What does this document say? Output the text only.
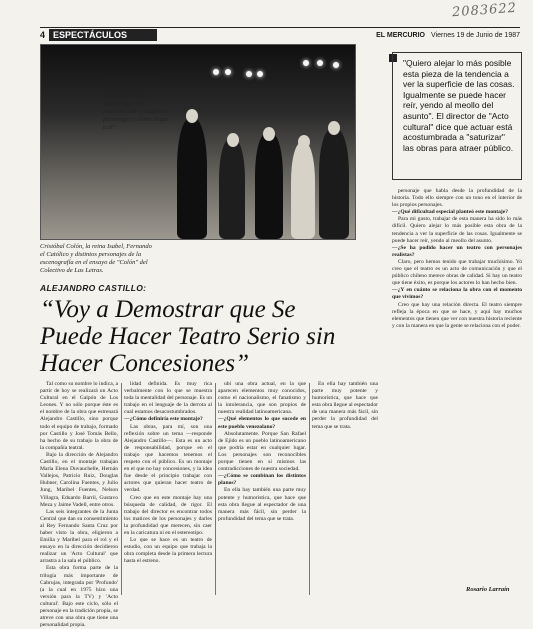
2083622
4 ESPECTÁCULOS	EL MERCURIO Viernes 19 de Junio de 1987
"Lo que se pretende es que ellos se vean a través de distintos espejos que nos muestran los verdaderos personajes y cómo llegar a el".
Cristóbal Colón, la reina Isabel, Fernando el Católico y distintos personajes de la escenografía en el ensayo de "Colón" del Colectivo de Las Letras.
"Quiero alejar lo más posible esta pieza de la tendencia a ver la superficie de las cosas. Igualmente se puede hacer reír, yendo al meollo del asunto". El director de "Acto cultural" dice que actuar está acostumbrada a "saturizar" las obras para atraer público.
ALEJANDRO CASTILLO:
“Voy a Demostrar que Se Puede Hacer Teatro Serio sin Hacer Concesiones”

Tal como su nombre lo indica, a partir de hoy se realizará un Acto Cultural en el Galpón de Los Leones. Y no sólo porque éste es el nombre de la obra que estrenará Alejandro Castillo, sino porque todo el equipo de trabajo, formado por Castillo y José Tomás Bello, ha hecho de su trabajo la obra de la compañía teatral.

Bajo la dirección de Alejandro Castillo, en el montaje trabajan María Elena Duvauchelle, Hernán Vallejos, Patricio Ruiz, Douglas Hubner, Carolina Fuentes, y Julio Jung, Maribel Fuentes, Nelson Villagra, Eduardo Barril, Gustavo Meza y Jaime Vadell, entre otros.

Las seis integrantes de la Junta Central que dan su consentimiento al Rey Fernando Santa Cruz por haber visto la obra, eligieron a Emilia y Maribel para el rol y el ensayo en la dirección decidieron realizar un 'Acto Cultural' que arrastra a la sala el público.

Esta obra forma parte de la trilogía más importante de Cabrujas, integrada por 'Profundo' (a la cual en 1975 hizo una versión para la TV) y 'Acto cultural'. Bajo este ciclo, sólo el personaje en la tradición propia, se atreve con una obra que tiene una personalidad propia.

lidad definida. Es muy rica verbalmente con lo que se muestra toda la mentalidad del personaje. Es un trabajo en el lenguaje de la derrota al cual estamos desacostumbrados.

—¿Cómo definiría este montaje?

Las obras, para mí, son una reflexión sobre un tema —responde Alejandro Castillo—. Esta es un acto de responsabilidad, porque en el trabajo que hacemos tenemos el respeto con el público. Es un montaje en el que no hay concesiones, y la idea fue desde el principio trabajar con actores que quieran hacer teatro de verdad.

Creo que en este montaje hay una búsqueda de calidad, de rigor. El trabajo del director es encontrar todos los matices de los personajes y darles la profundidad que merecen, sin caer en la caricatura ni en el estereotipo.

Lo que se hace es un teatro de estudio, con un equipo que trabaja la obra completa desde la primera lectura hasta el estreno.

ubí una obra actual, en la que aparecen elementos muy conocidos, como el nacionalismo, el fanatismo y la intolerancia, que son propios de nuestra realidad latinoamericana.

—¿Qué elementos lo que sucede en este pueblo venezolano?

Absolutamente. Porque San Rafael de Ejido es un pueblo latinoamericano que podría estar en cualquier lugar. Los personajes son reconocibles porque tienen en sí mismos las contradicciones de nuestra sociedad.

—¿Cómo se combinan los distintos planos?

En ella hay también una parte muy potente y humorística, que hace que esta obra llegue al espectador de una manera más fácil, sin perder la profundidad del tema que se trata.

En ella hay también una parte muy potente y humorística, que hace que esta obra llegue al espectador de una manera más fácil, sin perder la profundidad del tema que se trata.

personaje que habla desde la profundidad de la historia. Todo ello siempre con un tono en el interior de los propios personajes.

—¿Qué dificultad especial planteó este montaje?

Para mi gusto, trabajar de esta manera ha sido lo más difícil. Quiero alejar lo más posible esta obra de la tendencia a ver la superficie de las cosas. Igualmente se puede hacer reír, yendo al meollo del asunto.

—¿Se ha podido hacer un teatro con personajes realistas?

Claro, pero hemos tenido que trabajar muchísimo. Yo creo que el teatro es un acto de comunicación y que el público chileno merece obras de calidad. Si hay un teatro que tiene éxito, es porque los actores lo han hecho bien.

—¿Y en cuánto se relaciona la obra con el momento que vivimos?

Creo que hay una relación directa. El teatro siempre refleja la época en que se hace, y aquí hay muchos elementos que tienen que ver con nuestra historia reciente y con la manera en que la gente se relaciona con el poder.

Rosario Larraín
